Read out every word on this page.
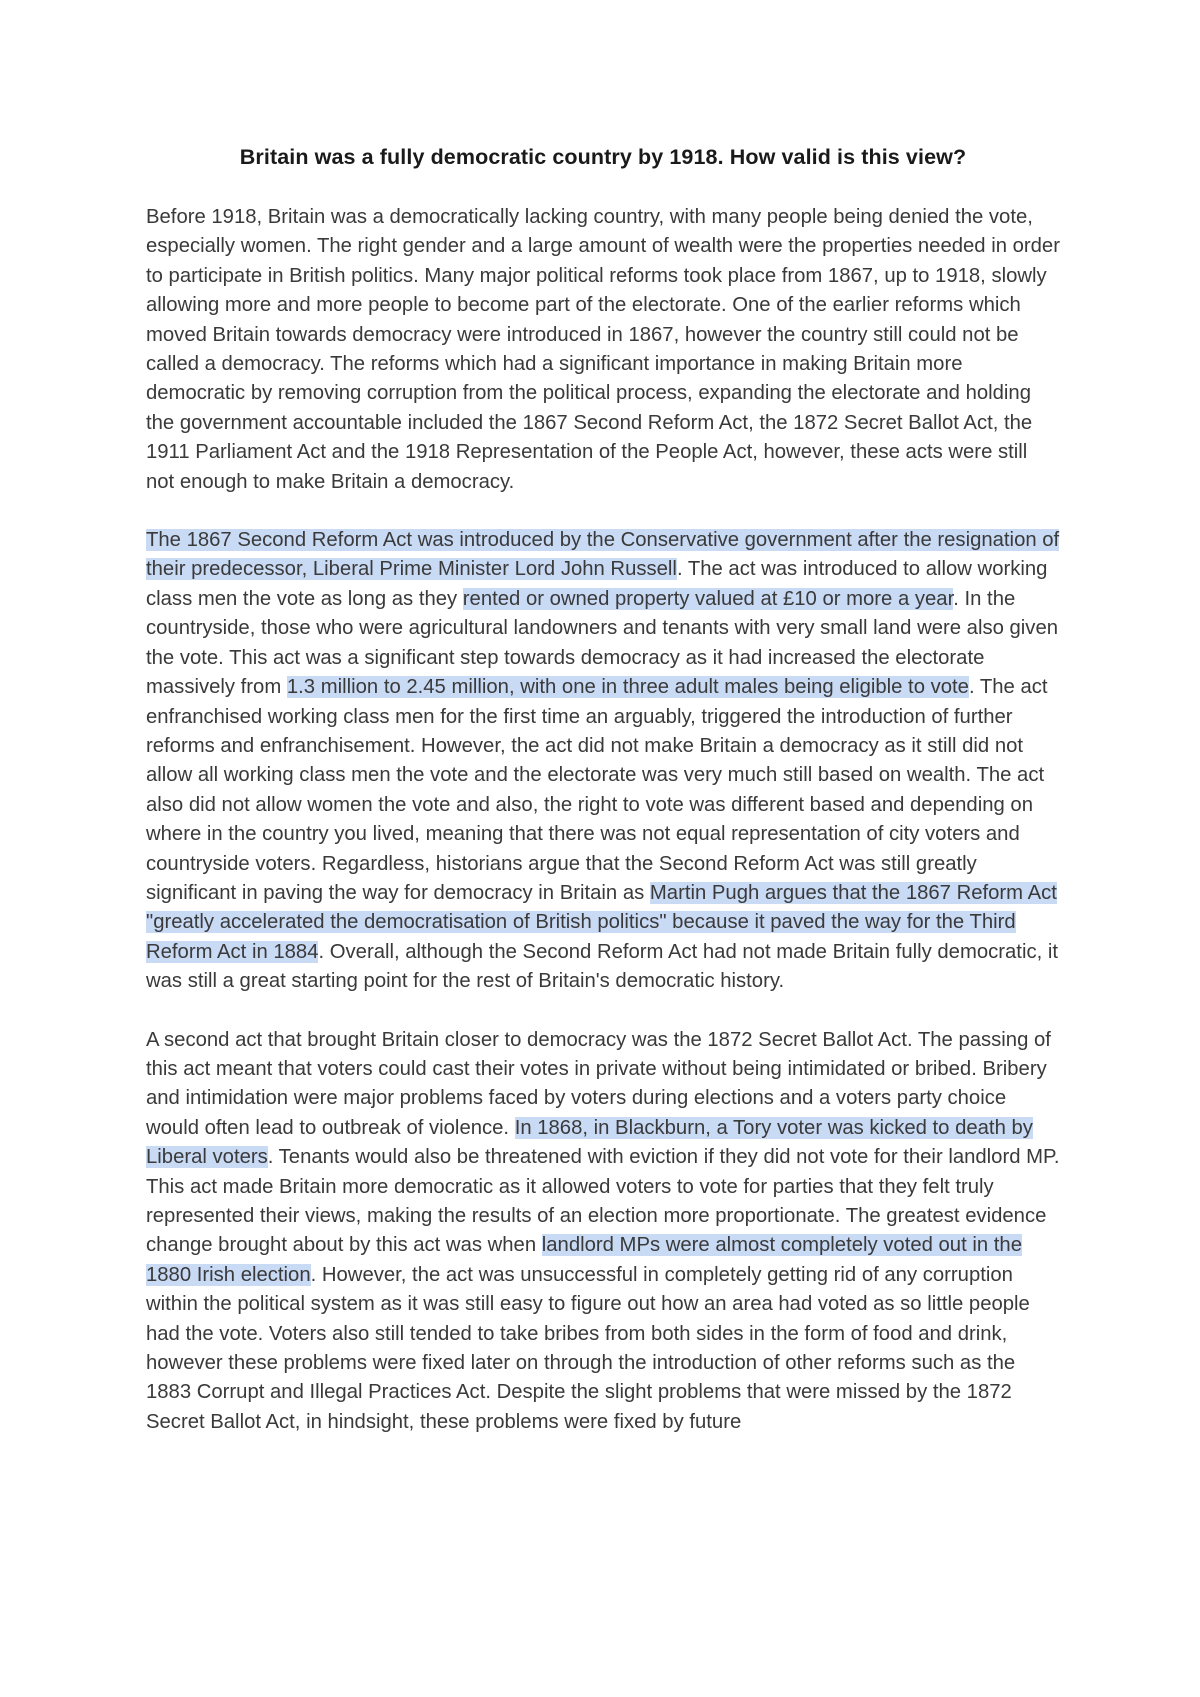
Britain was a fully democratic country by 1918. How valid is this view?

Before 1918, Britain was a democratically lacking country, with many people being denied the vote, especially women. The right gender and a large amount of wealth were the properties needed in order to participate in British politics. Many major political reforms took place from 1867, up to 1918, slowly allowing more and more people to become part of the electorate. One of the earlier reforms which moved Britain towards democracy were introduced in 1867, however the country still could not be called a democracy. The reforms which had a significant importance in making Britain more democratic by removing corruption from the political process, expanding the electorate and holding the government accountable included the 1867 Second Reform Act, the 1872 Secret Ballot Act, the 1911 Parliament Act and the 1918 Representation of the People Act, however, these acts were still not enough to make Britain a democracy.

The 1867 Second Reform Act was introduced by the Conservative government after the resignation of their predecessor, Liberal Prime Minister Lord John Russell. The act was introduced to allow working class men the vote as long as they rented or owned property valued at £10 or more a year. In the countryside, those who were agricultural landowners and tenants with very small land were also given the vote. This act was a significant step towards democracy as it had increased the electorate massively from 1.3 million to 2.45 million, with one in three adult males being eligible to vote. The act enfranchised working class men for the first time an arguably, triggered the introduction of further reforms and enfranchisement. However, the act did not make Britain a democracy as it still did not allow all working class men the vote and the electorate was very much still based on wealth. The act also did not allow women the vote and also, the right to vote was different based and depending on where in the country you lived, meaning that there was not equal representation of city voters and countryside voters. Regardless, historians argue that the Second Reform Act was still greatly significant in paving the way for democracy in Britain as Martin Pugh argues that the 1867 Reform Act "greatly accelerated the democratisation of British politics" because it paved the way for the Third Reform Act in 1884. Overall, although the Second Reform Act had not made Britain fully democratic, it was still a great starting point for the rest of Britain's democratic history.

A second act that brought Britain closer to democracy was the 1872 Secret Ballot Act. The passing of this act meant that voters could cast their votes in private without being intimidated or bribed. Bribery and intimidation were major problems faced by voters during elections and a voters party choice would often lead to outbreak of violence. In 1868, in Blackburn, a Tory voter was kicked to death by Liberal voters. Tenants would also be threatened with eviction if they did not vote for their landlord MP. This act made Britain more democratic as it allowed voters to vote for parties that they felt truly represented their views, making the results of an election more proportionate. The greatest evidence change brought about by this act was when landlord MPs were almost completely voted out in the 1880 Irish election. However, the act was unsuccessful in completely getting rid of any corruption within the political system as it was still easy to figure out how an area had voted as so little people had the vote. Voters also still tended to take bribes from both sides in the form of food and drink, however these problems were fixed later on through the introduction of other reforms such as the 1883 Corrupt and Illegal Practices Act. Despite the slight problems that were missed by the 1872 Secret Ballot Act, in hindsight, these problems were fixed by future
